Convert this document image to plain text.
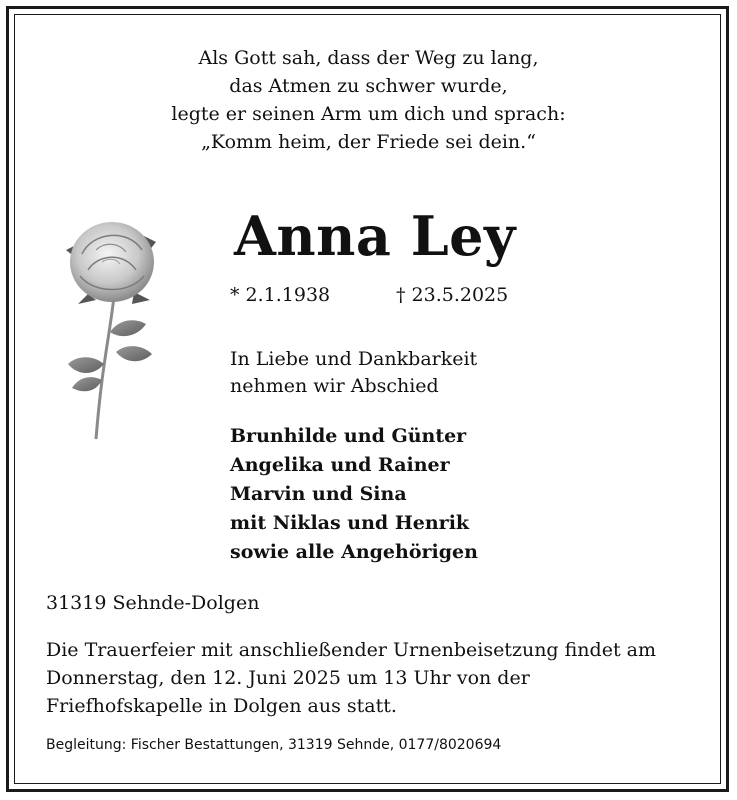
Als Gott sah, dass der Weg zu lang,
das Atmen zu schwer wurde,
legte er seinen Arm um dich und sprach:
„Komm heim, der Friede sei dein.“
Anna Ley
* 2.1.1938	† 23.5.2025
In Liebe und Dankbarkeit
nehmen wir Abschied
Brunhilde und Günter
Angelika und Rainer
Marvin und Sina
mit Niklas und Henrik
sowie alle Angehörigen
31319 Sehnde-Dolgen
Die Trauerfeier mit anschließender Urnenbeisetzung findet am
Donnerstag, den 12. Juni 2025 um 13 Uhr von der
Friefhofskapelle in Dolgen aus statt.
Begleitung: Fischer Bestattungen, 31319 Sehnde, 0177/8020694
